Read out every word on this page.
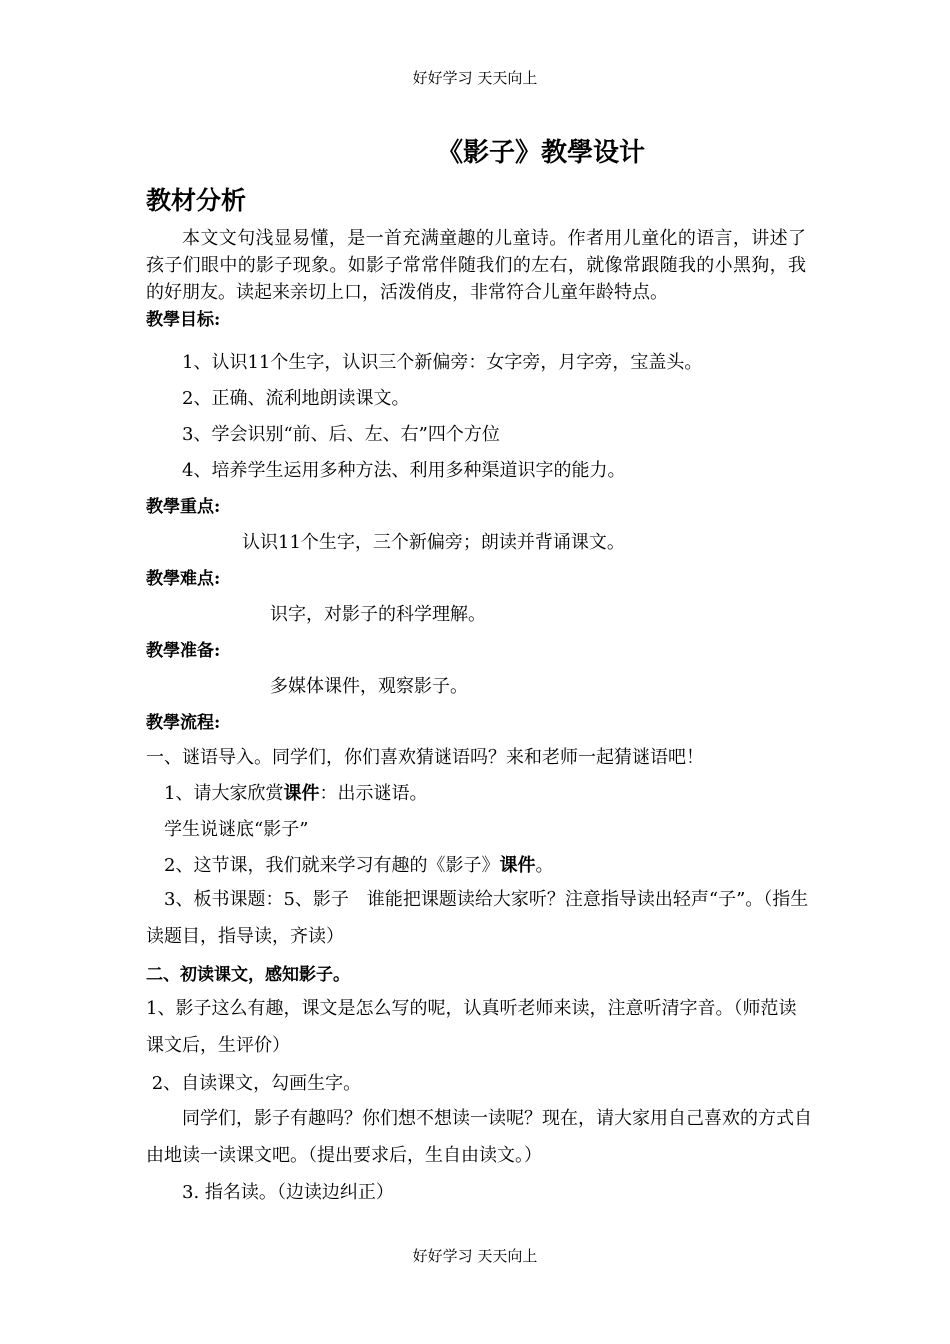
好好学习 天天向上
《影子》教學设计
教材分析
本文文句浅显易懂，是一首充满童趣的儿童诗。作者用儿童化的语言，讲述了孩子们眼中的影子现象。如影子常常伴随我们的左右，就像常跟随我的小黑狗，我的好朋友。读起来亲切上口，活泼俏皮，非常符合儿童年龄特点。
教學目标:
1、认识11个生字，认识三个新偏旁：女字旁，月字旁，宝盖头。
2、正确、流利地朗读课文。
3、学会识别“前、后、左、右”四个方位
4、培养学生运用多种方法、利用多种渠道识字的能力。
教學重点:
认识11个生字，三个新偏旁；朗读并背诵课文。
教學难点:
识字，对影子的科学理解。
教學准备:
多媒体课件，观察影子。
教學流程:
一、谜语导入。同学们，你们喜欢猜谜语吗？来和老师一起猜谜语吧！
1、请大家欣赏课件：出示谜语。
学生说谜底“影子”
2、这节课，我们就来学习有趣的《影子》课件。
3、板书课题：5、影子　谁能把课题读给大家听？注意指导读出轻声“子”。（指生读题目，指导读，齐读）
二、初读课文，感知影子。
1、影子这么有趣，课文是怎么写的呢，认真听老师来读，注意听清字音。（师范读课文后，生评价）
2、自读课文，勾画生字。
同学们，影子有趣吗？你们想不想读一读呢？现在，请大家用自己喜欢的方式自由地读一读课文吧。（提出要求后，生自由读文。）
3. 指名读。（边读边纠正）
好好学习 天天向上
